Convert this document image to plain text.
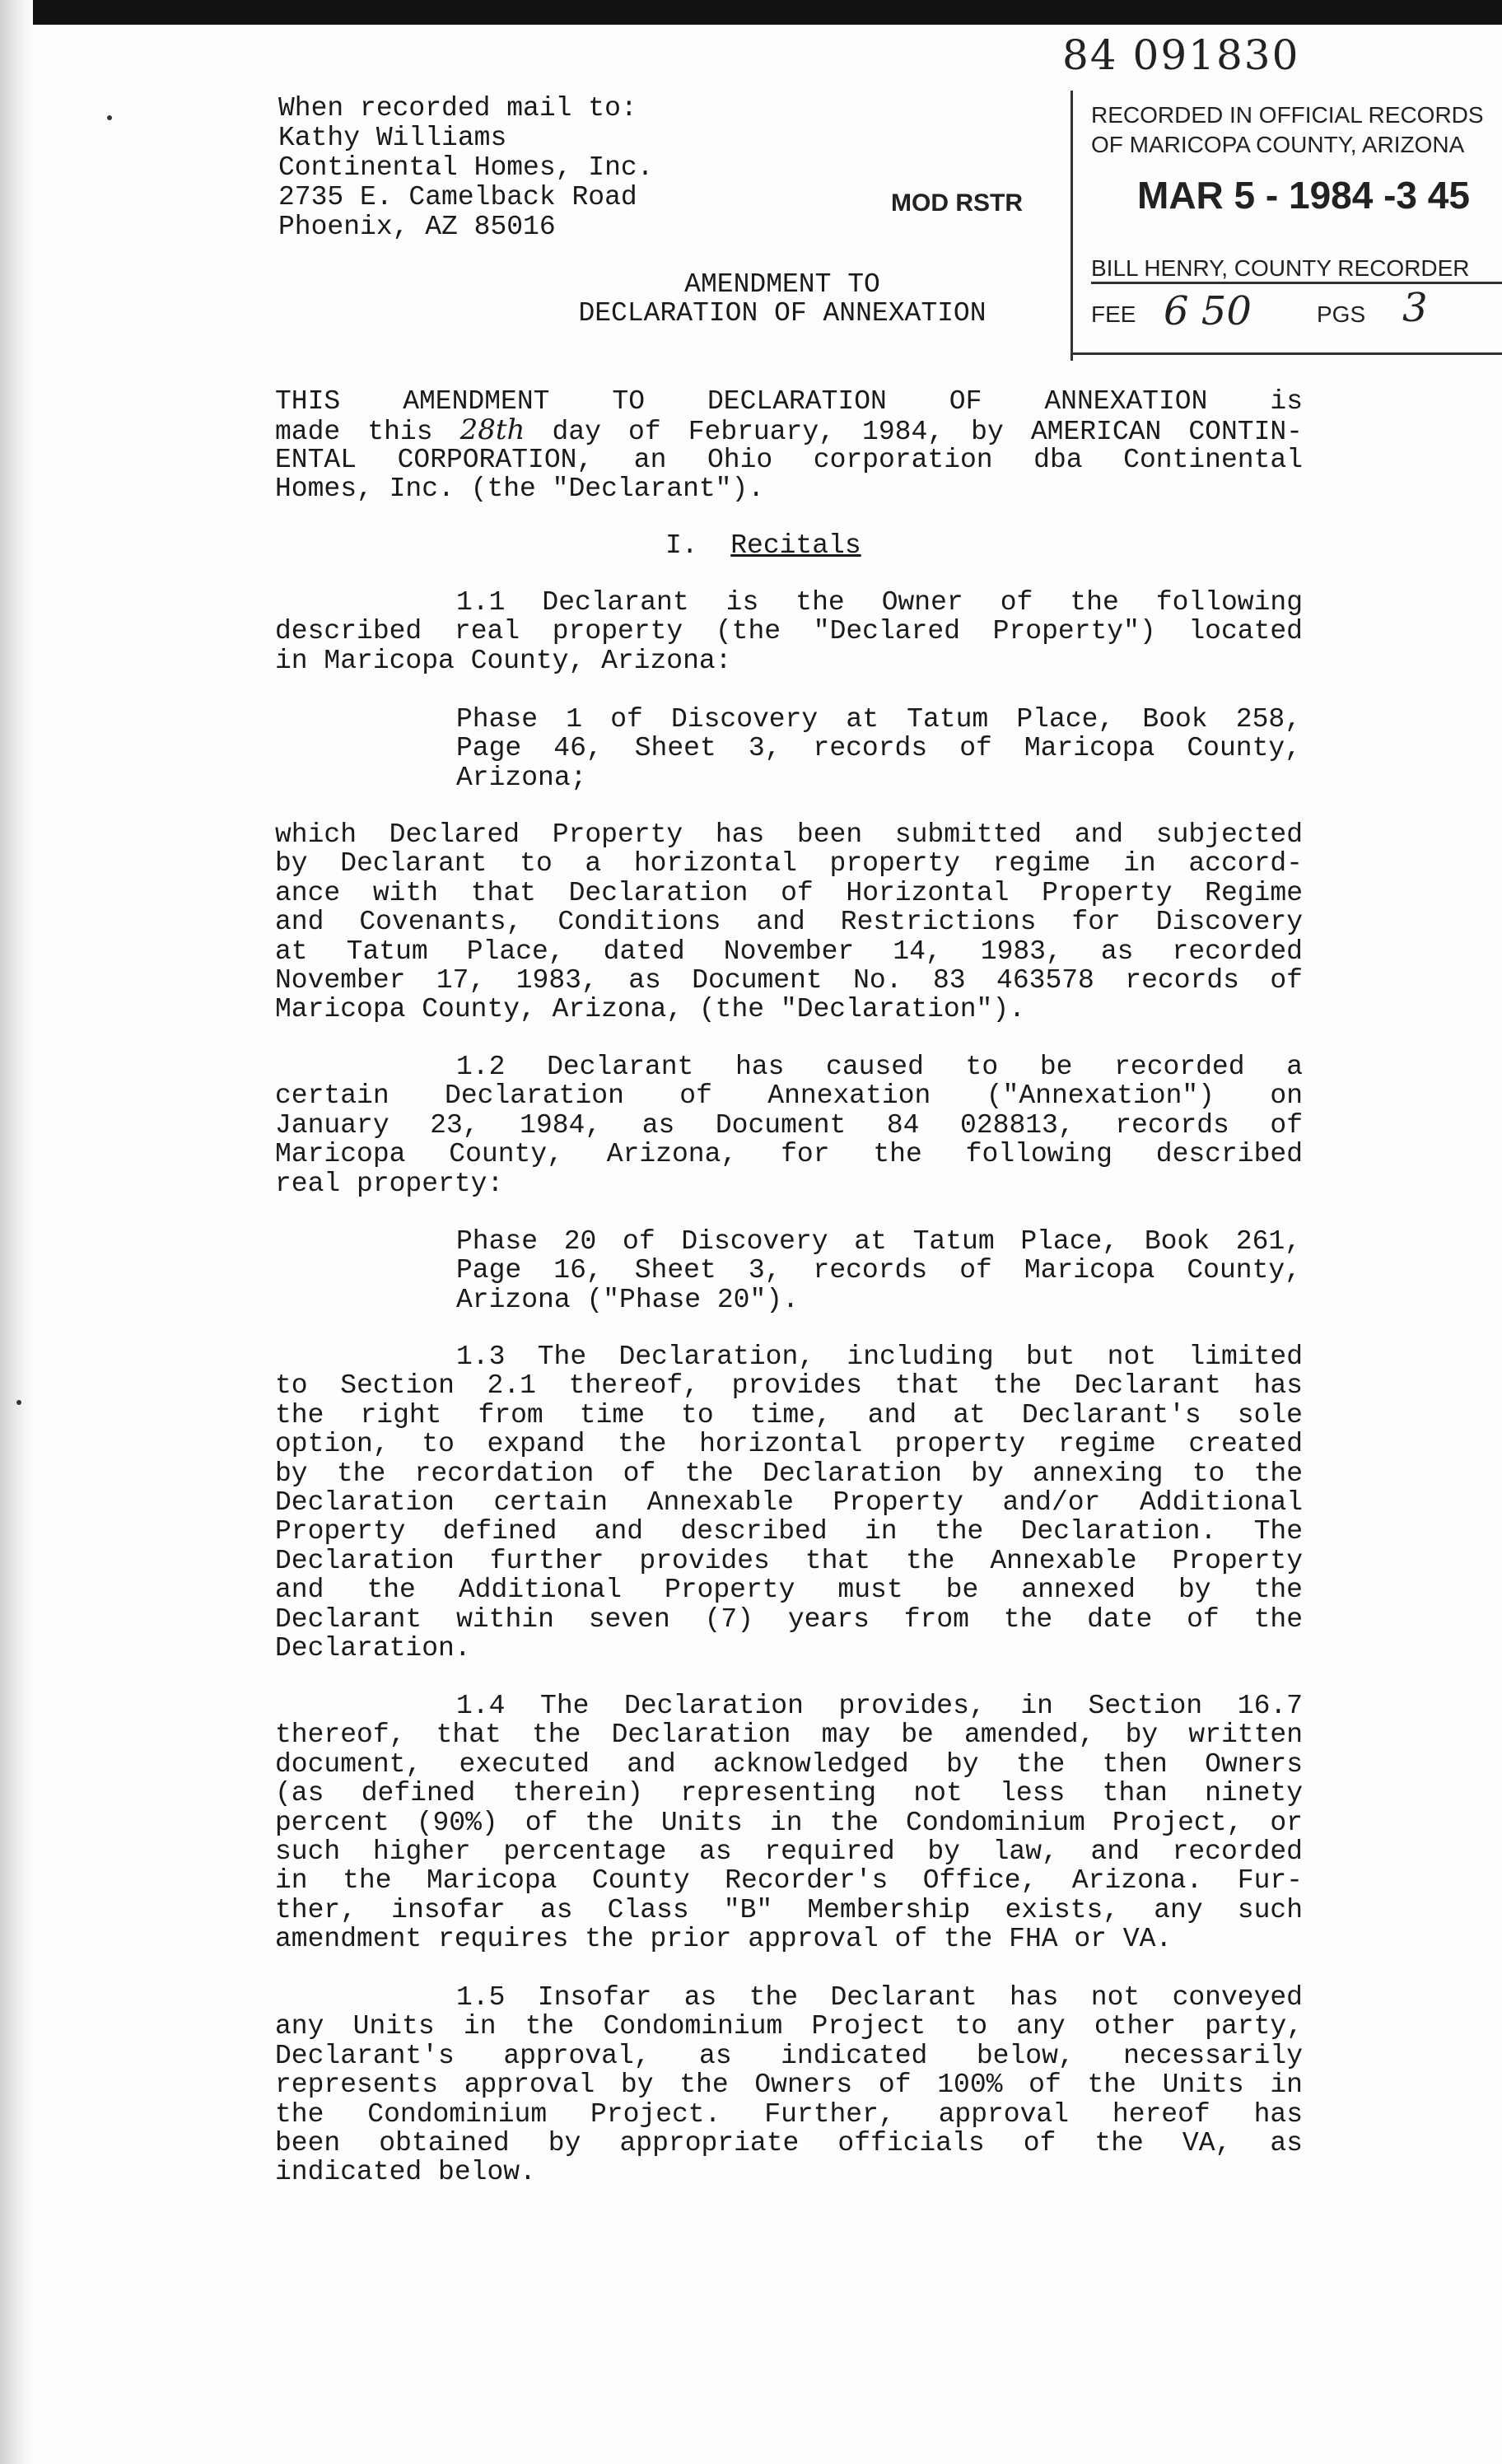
84 091830
When recorded mail to:
Kathy Williams
Continental Homes, Inc.
2735 E. Camelback Road
Phoenix, AZ 85016
MOD RSTR
RECORDED IN OFFICIAL RECORDS
OF MARICOPA COUNTY, ARIZONA
MAR 5 - 1984 -3 45
BILL HENRY, COUNTY RECORDER
FEE 6 50	PGS 3
AMENDMENT TO
DECLARATION OF ANNEXATION
THIS AMENDMENT TO DECLARATION OF ANNEXATION is
made this 28th day of February, 1984, by AMERICAN CONTIN-
ENTAL CORPORATION, an Ohio corporation dba Continental
Homes, Inc. (the "Declarant").
I. Recitals
1.1 Declarant is the Owner of the following
described real property (the "Declared Property") located
in Maricopa County, Arizona:
Phase 1 of Discovery at Tatum Place, Book 258,
Page 46, Sheet 3, records of Maricopa County,
Arizona;
which Declared Property has been submitted and subjected
by Declarant to a horizontal property regime in accord-
ance with that Declaration of Horizontal Property Regime
and Covenants, Conditions and Restrictions for Discovery
at Tatum Place, dated November 14, 1983, as recorded
November 17, 1983, as Document No. 83 463578 records of
Maricopa County, Arizona, (the "Declaration").
1.2 Declarant has caused to be recorded a
certain Declaration of Annexation ("Annexation") on
January 23, 1984, as Document 84 028813, records of
Maricopa County, Arizona, for the following described
real property:
Phase 20 of Discovery at Tatum Place, Book 261,
Page 16, Sheet 3, records of Maricopa County,
Arizona ("Phase 20").
1.3 The Declaration, including but not limited
to Section 2.1 thereof, provides that the Declarant has
the right from time to time, and at Declarant's sole
option, to expand the horizontal property regime created
by the recordation of the Declaration by annexing to the
Declaration certain Annexable Property and/or Additional
Property defined and described in the Declaration. The
Declaration further provides that the Annexable Property
and the Additional Property must be annexed by the
Declarant within seven (7) years from the date of the
Declaration.
1.4 The Declaration provides, in Section 16.7
thereof, that the Declaration may be amended, by written
document, executed and acknowledged by the then Owners
(as defined therein) representing not less than ninety
percent (90%) of the Units in the Condominium Project, or
such higher percentage as required by law, and recorded
in the Maricopa County Recorder's Office, Arizona. Fur-
ther, insofar as Class "B" Membership exists, any such
amendment requires the prior approval of the FHA or VA.
1.5 Insofar as the Declarant has not conveyed
any Units in the Condominium Project to any other party,
Declarant's approval, as indicated below, necessarily
represents approval by the Owners of 100% of the Units in
the Condominium Project. Further, approval hereof has
been obtained by appropriate officials of the VA, as
indicated below.
